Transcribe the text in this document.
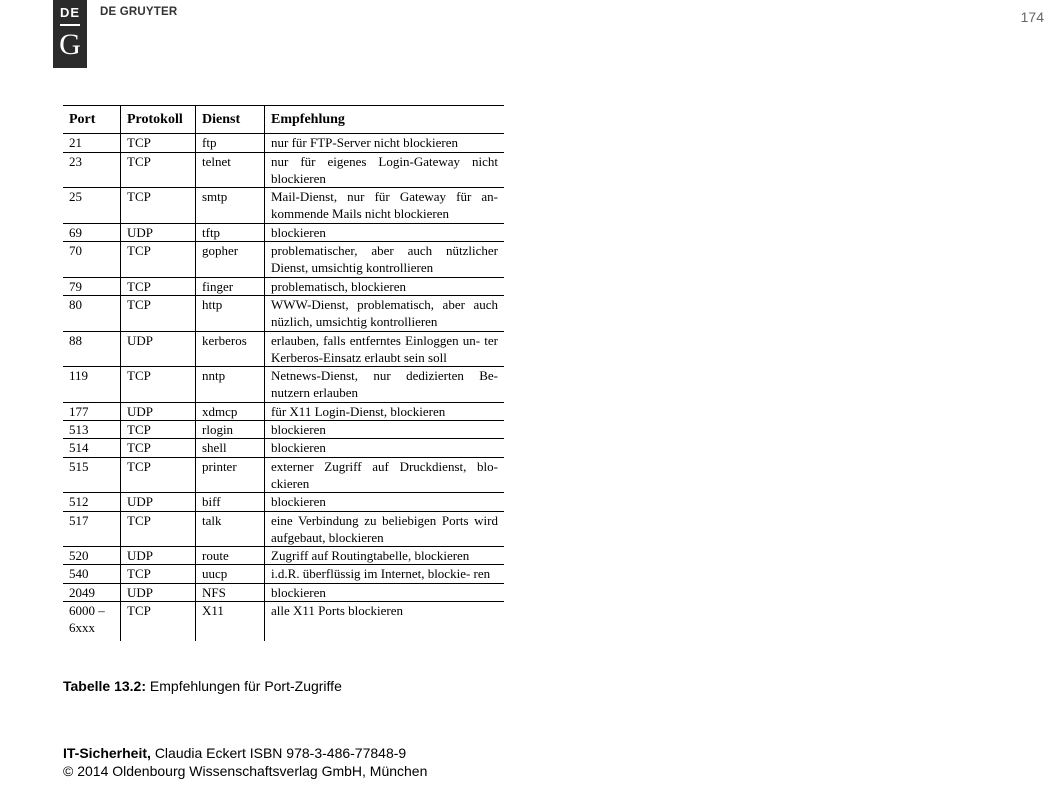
DE
G
DE GRUYTER	174
Port	Protokoll	Dienst	Empfehlung
21	TCP	ftp	nur für FTP-Server nicht blockieren
23	TCP	telnet	nur für eigenes Login-Gateway nicht blockieren
25	TCP	smtp	Mail-Dienst, nur für Gateway für an- kommende Mails nicht blockieren
69	UDP	tftp	blockieren
70	TCP	gopher	problematischer, aber auch nützlicher Dienst, umsichtig kontrollieren
79	TCP	finger	problematisch, blockieren
80	TCP	http	WWW-Dienst, problematisch, aber auch nüzlich, umsichtig kontrollieren
88	UDP	kerberos	erlauben, falls entferntes Einloggen un- ter Kerberos-Einsatz erlaubt sein soll
119	TCP	nntp	Netnews-Dienst, nur dedizierten Be- nutzern erlauben
177	UDP	xdmcp	für X11 Login-Dienst, blockieren
513	TCP	rlogin	blockieren
514	TCP	shell	blockieren
515	TCP	printer	externer Zugriff auf Druckdienst, blo- ckieren
512	UDP	biff	blockieren
517	TCP	talk	eine Verbindung zu beliebigen Ports wird aufgebaut, blockieren
520	UDP	route	Zugriff auf Routingtabelle, blockieren
540	TCP	uucp	i.d.R. überflüssig im Internet, blockie- ren
2049	UDP	NFS	blockieren
6000 – 6xxx	TCP	X11	alle X11 Ports blockieren
Tabelle 13.2: Empfehlungen für Port-Zugriffe
IT-Sicherheit, Claudia Eckert ISBN 978-3-486-77848-9
© 2014 Oldenbourg Wissenschaftsverlag GmbH, München
